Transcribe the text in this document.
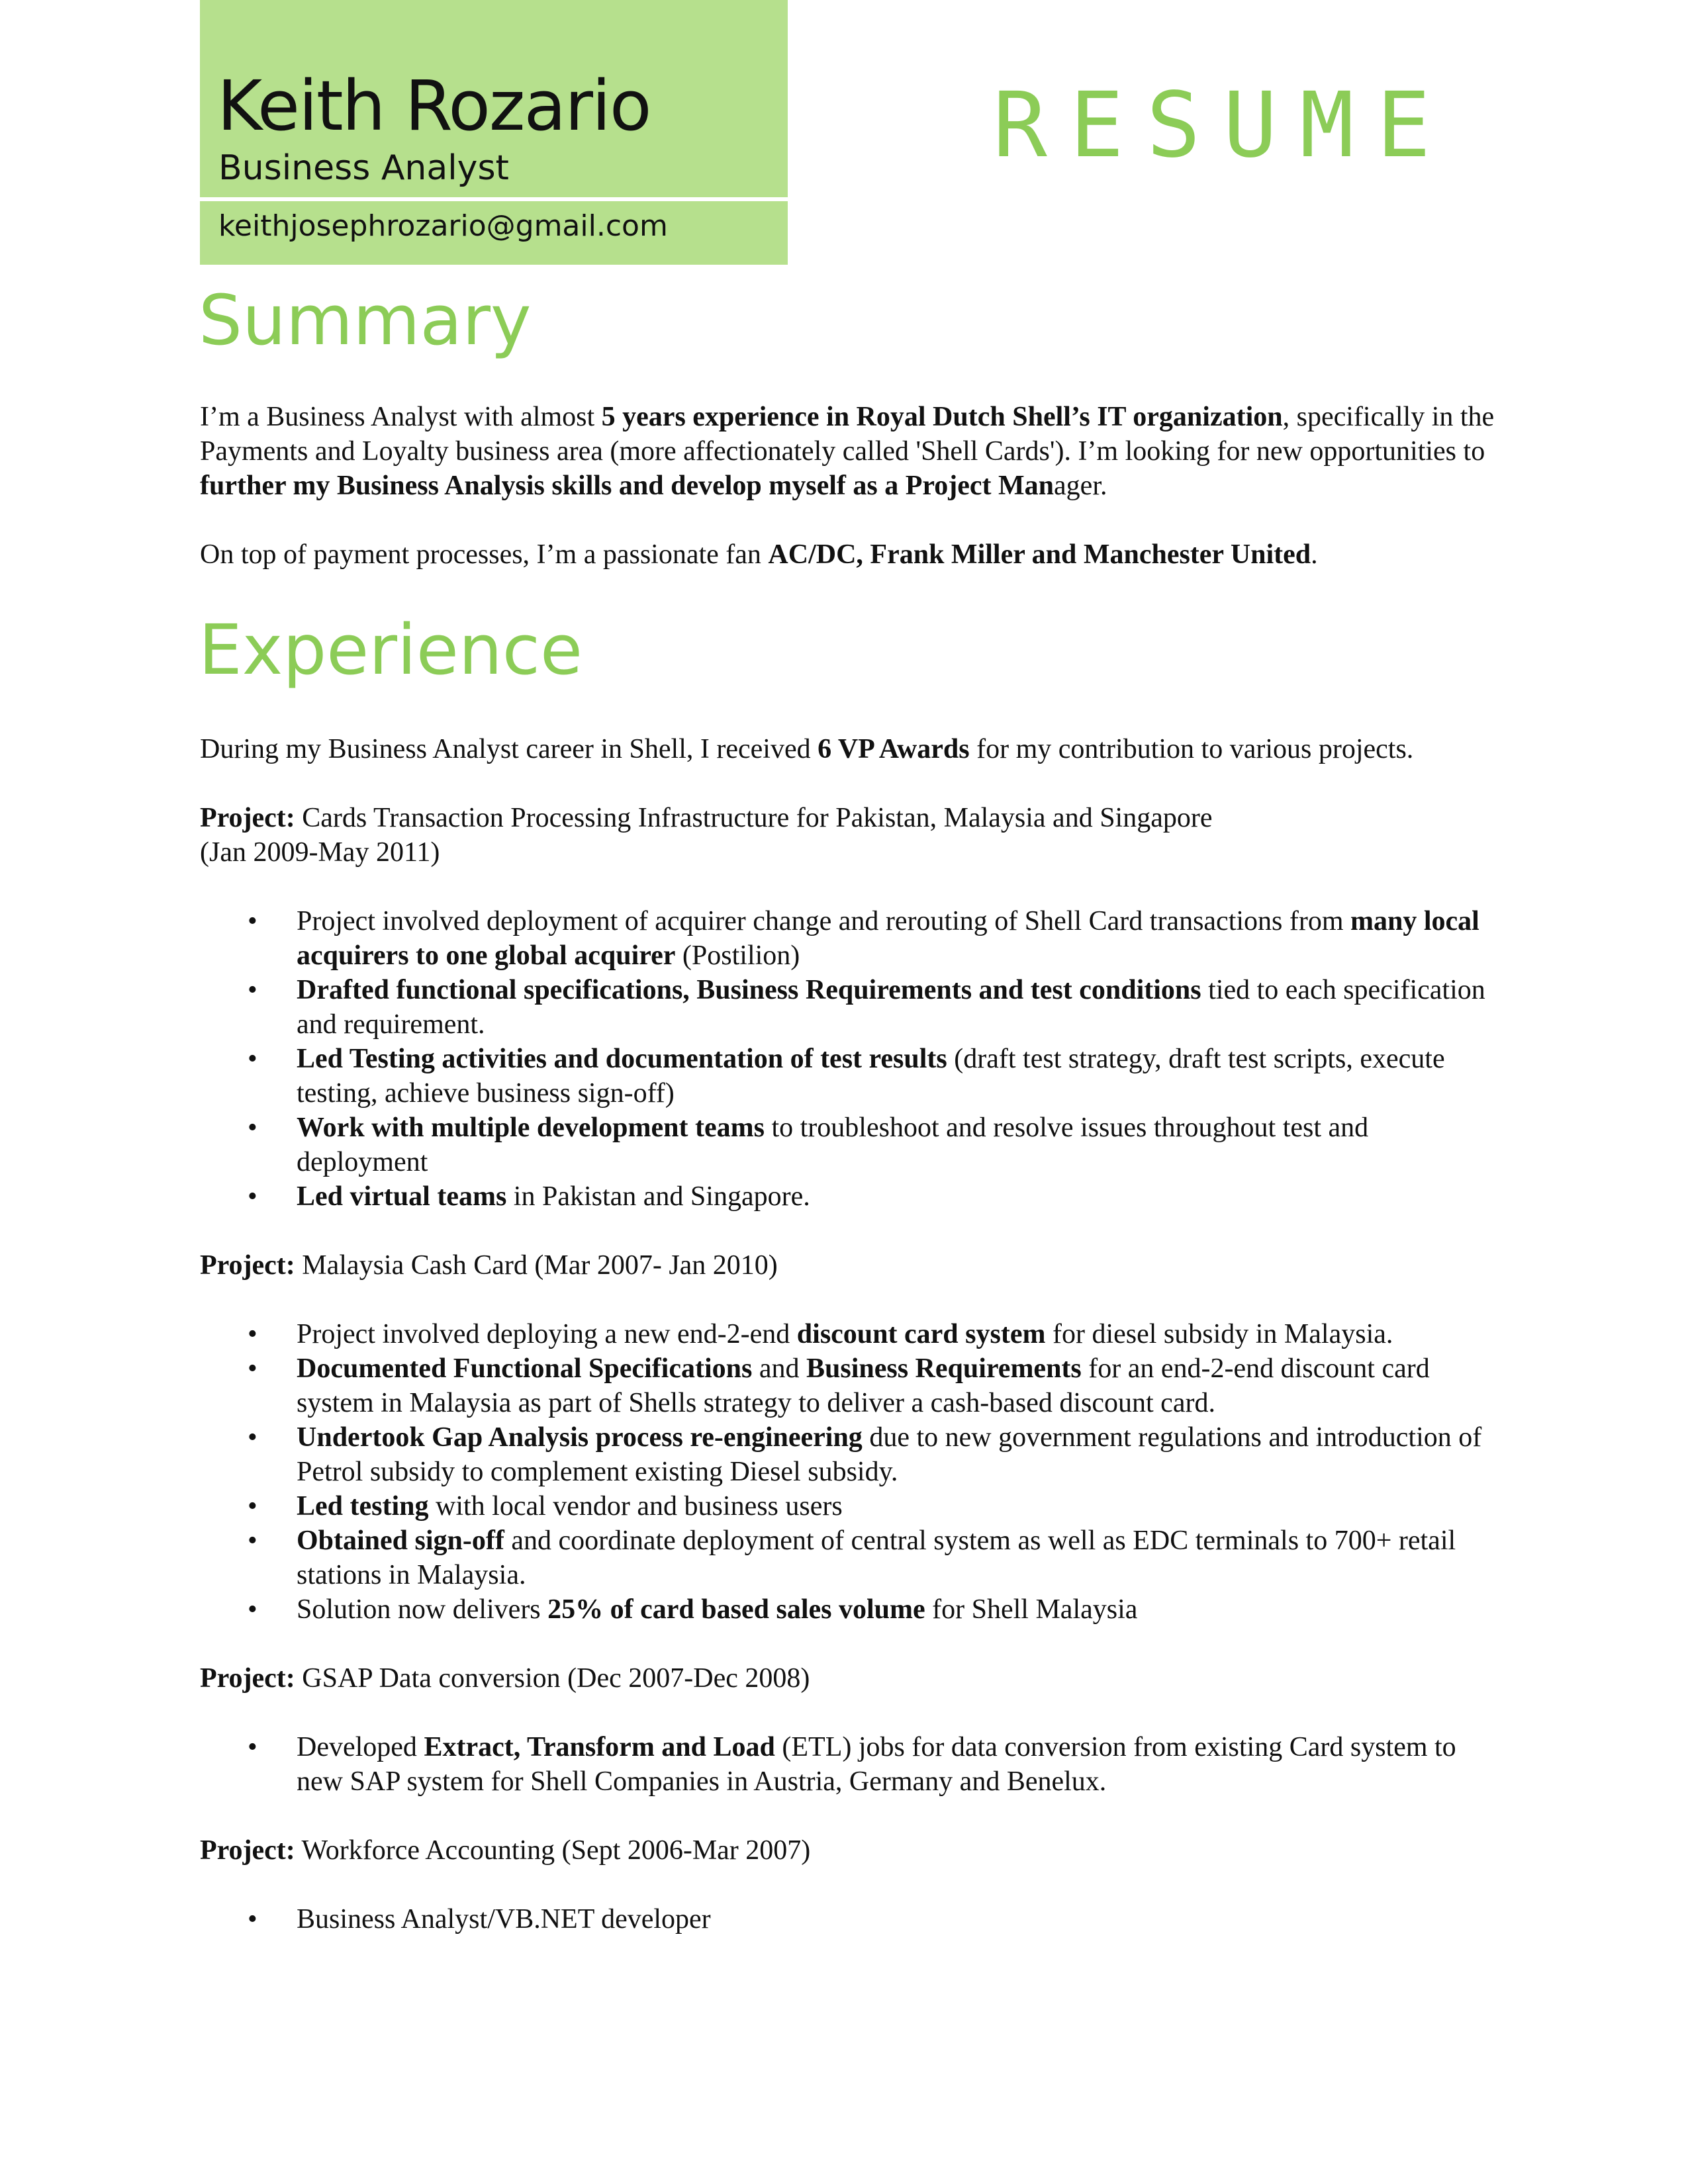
Keith Rozario
Business Analyst
keithjosephrozario@gmail.com
RESUME
Summary

I’m a Business Analyst with almost 5 years experience in Royal Dutch Shell’s IT organization, specifically in the Payments and Loyalty business area (more affectionately called 'Shell Cards'). I’m looking for new opportunities to further my Business Analysis skills and develop myself as a Project Manager.

On top of payment processes, I’m a passionate fan AC/DC, Frank Miller and Manchester United.

Experience

During my Business Analyst career in Shell, I received 6 VP Awards for my contribution to various projects.

Project: Cards Transaction Processing Infrastructure for Pakistan, Malaysia and Singapore

(Jan 2009-May 2011)

• Project involved deployment of acquirer change and rerouting of Shell Card transactions from many local acquirers to one global acquirer (Postilion)
• Drafted functional specifications, Business Requirements and test conditions tied to each specification and requirement.
• Led Testing activities and documentation of test results (draft test strategy, draft test scripts, execute testing, achieve business sign-off)
• Work with multiple development teams to troubleshoot and resolve issues throughout test and deployment
• Led virtual teams in Pakistan and Singapore.

Project: Malaysia Cash Card (Mar 2007- Jan 2010)

• Project involved deploying a new end-2-end discount card system for diesel subsidy in Malaysia.
• Documented Functional Specifications and Business Requirements for an end-2-end discount card system in Malaysia as part of Shells strategy to deliver a cash-based discount card.
• Undertook Gap Analysis process re-engineering due to new government regulations and introduction of Petrol subsidy to complement existing Diesel subsidy.
• Led testing with local vendor and business users
• Obtained sign-off and coordinate deployment of central system as well as EDC terminals to 700+ retail stations in Malaysia.
• Solution now delivers 25% of card based sales volume for Shell Malaysia

Project: GSAP Data conversion (Dec 2007-Dec 2008)

• Developed Extract, Transform and Load (ETL) jobs for data conversion from existing Card system to new SAP system for Shell Companies in Austria, Germany and Benelux.

Project: Workforce Accounting (Sept 2006-Mar 2007)

• Business Analyst/VB.NET developer
